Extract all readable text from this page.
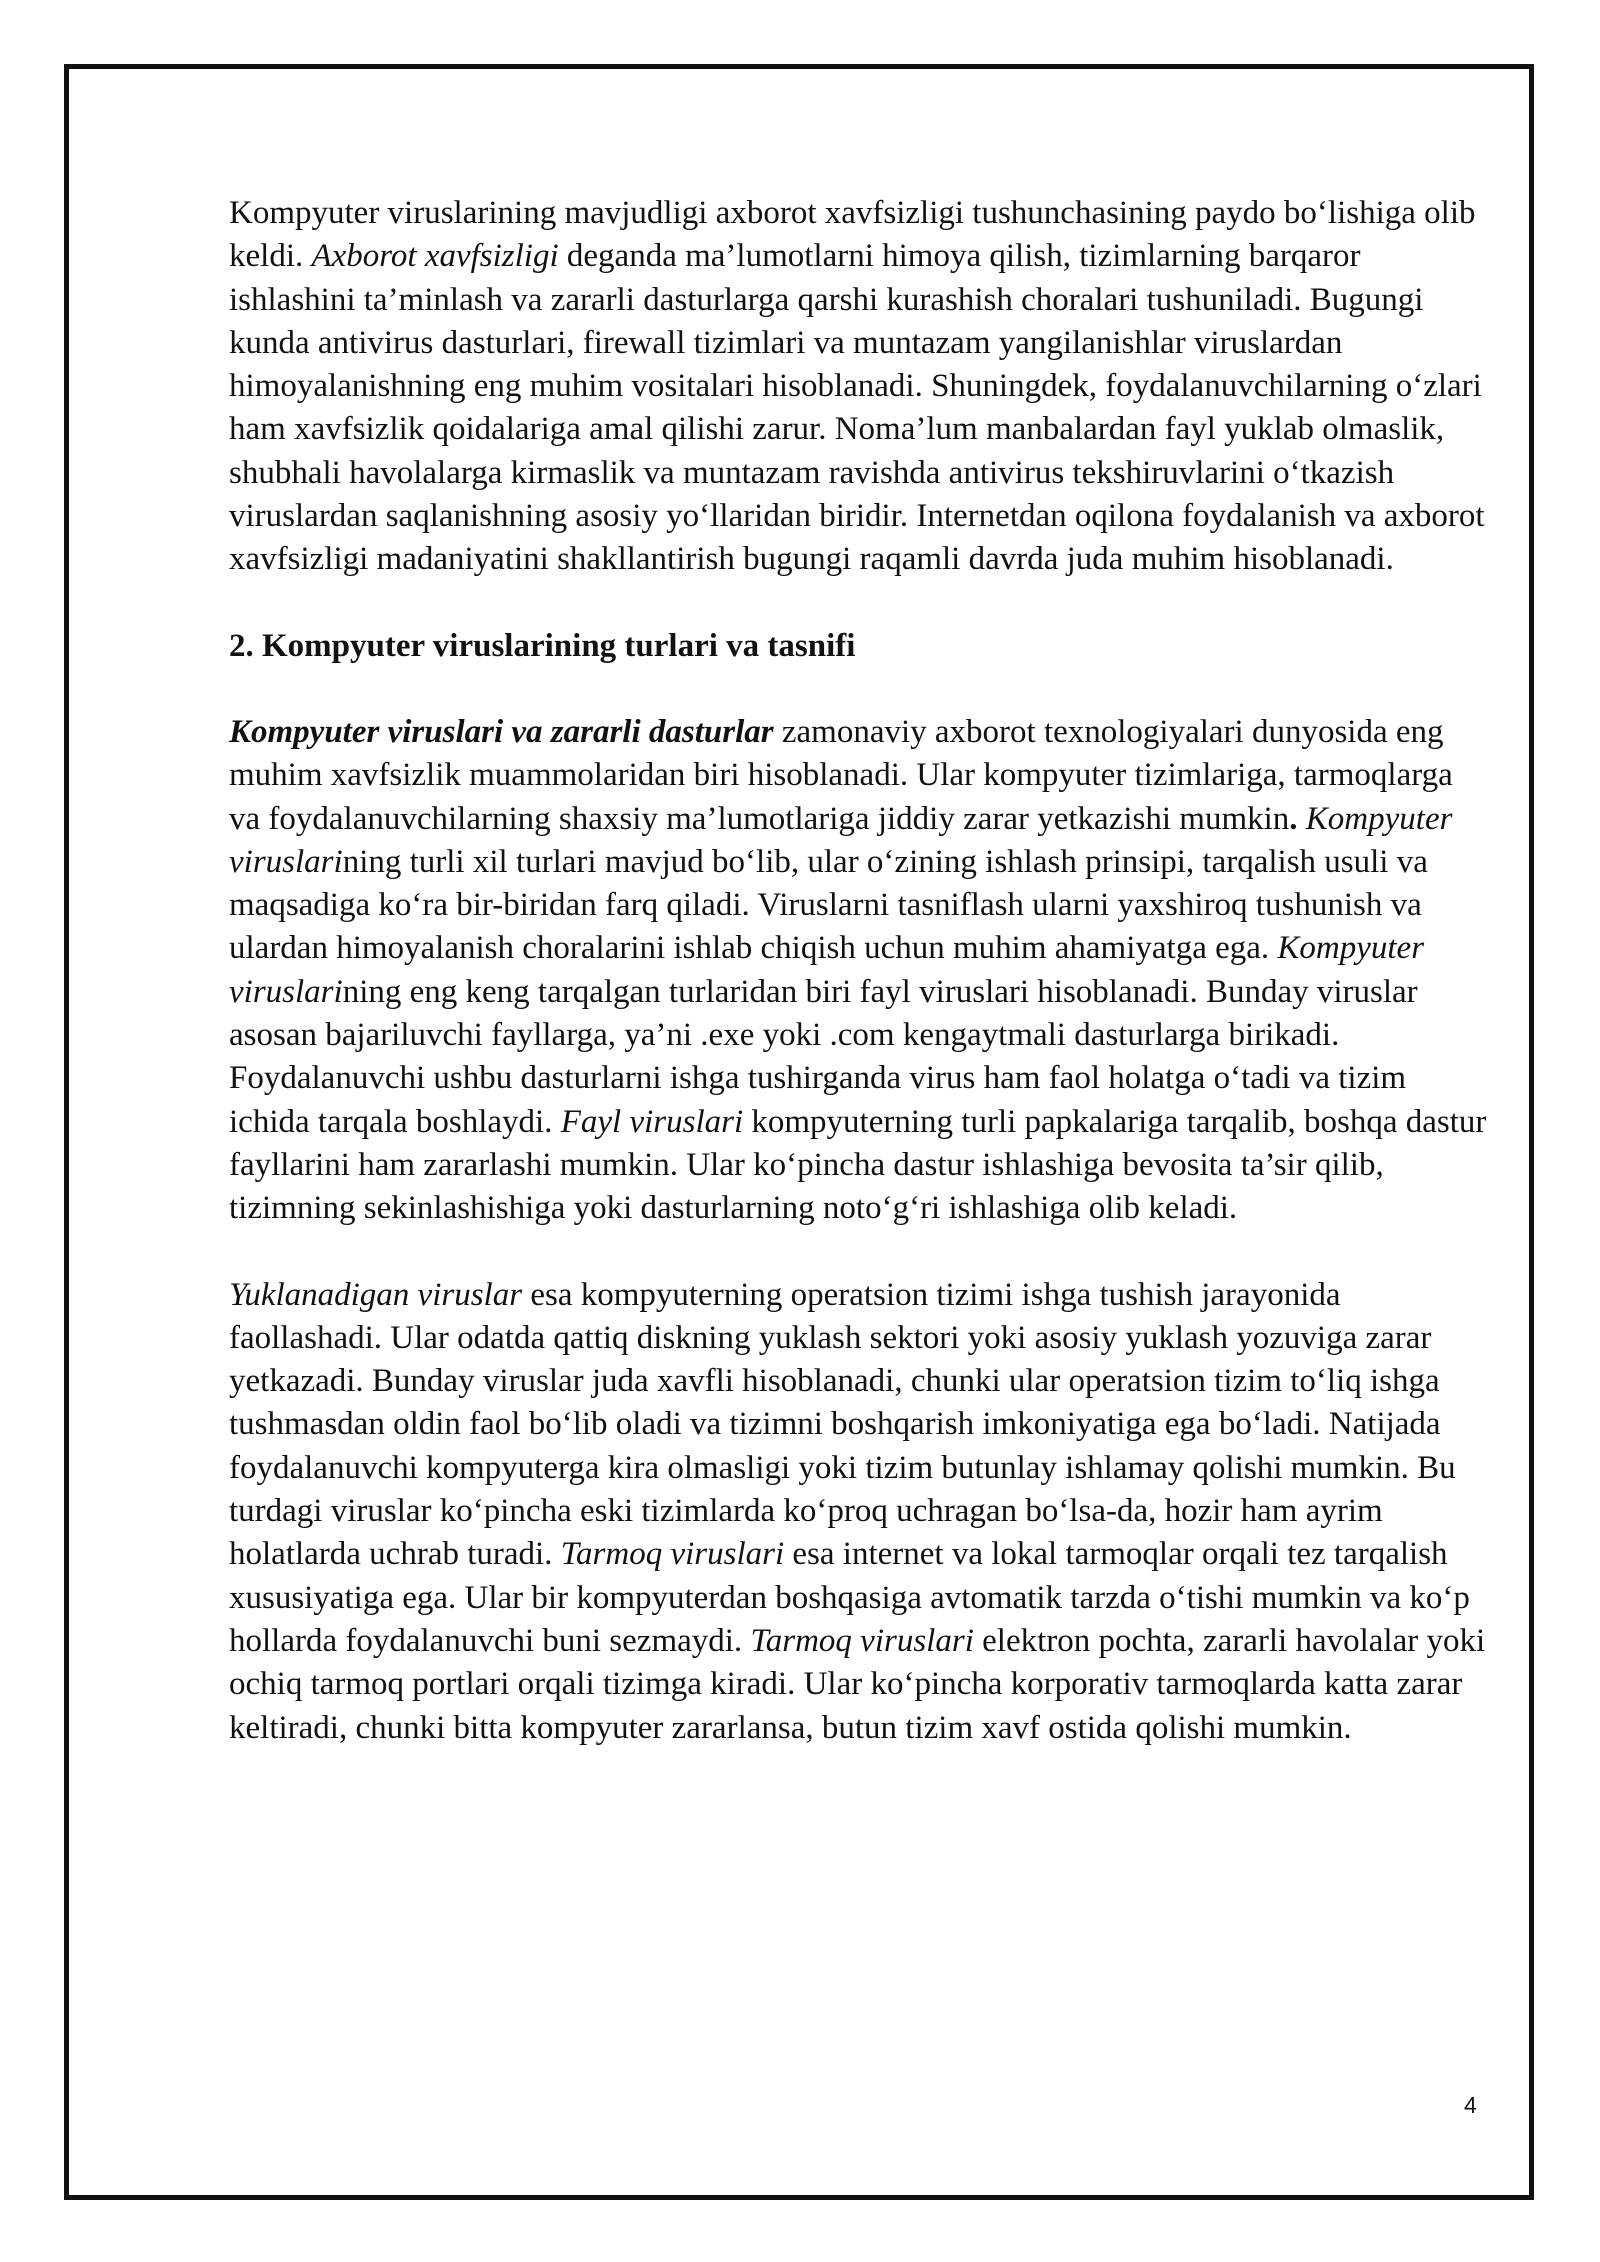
Kompyuter viruslarining mavjudligi axborot xavfsizligi tushunchasining paydo bo‘lishiga olib keldi. Axborot xavfsizligi deganda ma’lumotlarni himoya qilish, tizimlarning barqaror ishlashini ta’minlash va zararli dasturlarga qarshi kurashish choralari tushuniladi. Bugungi kunda antivirus dasturlari, firewall tizimlari va muntazam yangilanishlar viruslardan himoyalanishning eng muhim vositalari hisoblanadi. Shuningdek, foydalanuvchilarning o‘zlari ham xavfsizlik qoidalariga amal qilishi zarur. Noma’lum manbalardan fayl yuklab olmaslik, shubhali havolalarga kirmaslik va muntazam ravishda antivirus tekshiruvlarini o‘tkazish viruslardan saqlanishning asosiy yo‘llaridan biridir. Internetdan oqilona foydalanish va axborot xavfsizligi madaniyatini shakllantirish bugungi raqamli davrda juda muhim hisoblanadi.

2. Kompyuter viruslarining turlari va tasnifi

Kompyuter viruslari va zararli dasturlar zamonaviy axborot texnologiyalari dunyosida eng muhim xavfsizlik muammolaridan biri hisoblanadi. Ular kompyuter tizimlariga, tarmoqlarga va foydalanuvchilarning shaxsiy ma’lumotlariga jiddiy zarar yetkazishi mumkin. Kompyuter viruslarining turli xil turlari mavjud bo‘lib, ular o‘zining ishlash prinsipi, tarqalish usuli va maqsadiga ko‘ra bir-biridan farq qiladi. Viruslarni tasniflash ularni yaxshiroq tushunish va ulardan himoyalanish choralarini ishlab chiqish uchun muhim ahamiyatga ega. Kompyuter viruslarining eng keng tarqalgan turlaridan biri fayl viruslari hisoblanadi. Bunday viruslar asosan bajariluvchi fayllarga, ya’ni .exe yoki .com kengaytmali dasturlarga birikadi. Foydalanuvchi ushbu dasturlarni ishga tushirganda virus ham faol holatga o‘tadi va tizim ichida tarqala boshlaydi. Fayl viruslari kompyuterning turli papkalariga tarqalib, boshqa dastur fayllarini ham zararlashi mumkin. Ular ko‘pincha dastur ishlashiga bevosita ta’sir qilib, tizimning sekinlashishiga yoki dasturlarning noto‘g‘ri ishlashiga olib keladi.

Yuklanadigan viruslar esa kompyuterning operatsion tizimi ishga tushish jarayonida faollashadi. Ular odatda qattiq diskning yuklash sektori yoki asosiy yuklash yozuviga zarar yetkazadi. Bunday viruslar juda xavfli hisoblanadi, chunki ular operatsion tizim to‘liq ishga tushmasdan oldin faol bo‘lib oladi va tizimni boshqarish imkoniyatiga ega bo‘ladi. Natijada foydalanuvchi kompyuterga kira olmasligi yoki tizim butunlay ishlamay qolishi mumkin. Bu turdagi viruslar ko‘pincha eski tizimlarda ko‘proq uchragan bo‘lsa-da, hozir ham ayrim holatlarda uchrab turadi. Tarmoq viruslari esa internet va lokal tarmoqlar orqali tez tarqalish xususiyatiga ega. Ular bir kompyuterdan boshqasiga avtomatik tarzda o‘tishi mumkin va ko‘p hollarda foydalanuvchi buni sezmaydi. Tarmoq viruslari elektron pochta, zararli havolalar yoki ochiq tarmoq portlari orqali tizimga kiradi. Ular ko‘pincha korporativ tarmoqlarda katta zarar keltiradi, chunki bitta kompyuter zararlansa, butun tizim xavf ostida qolishi mumkin.

4
